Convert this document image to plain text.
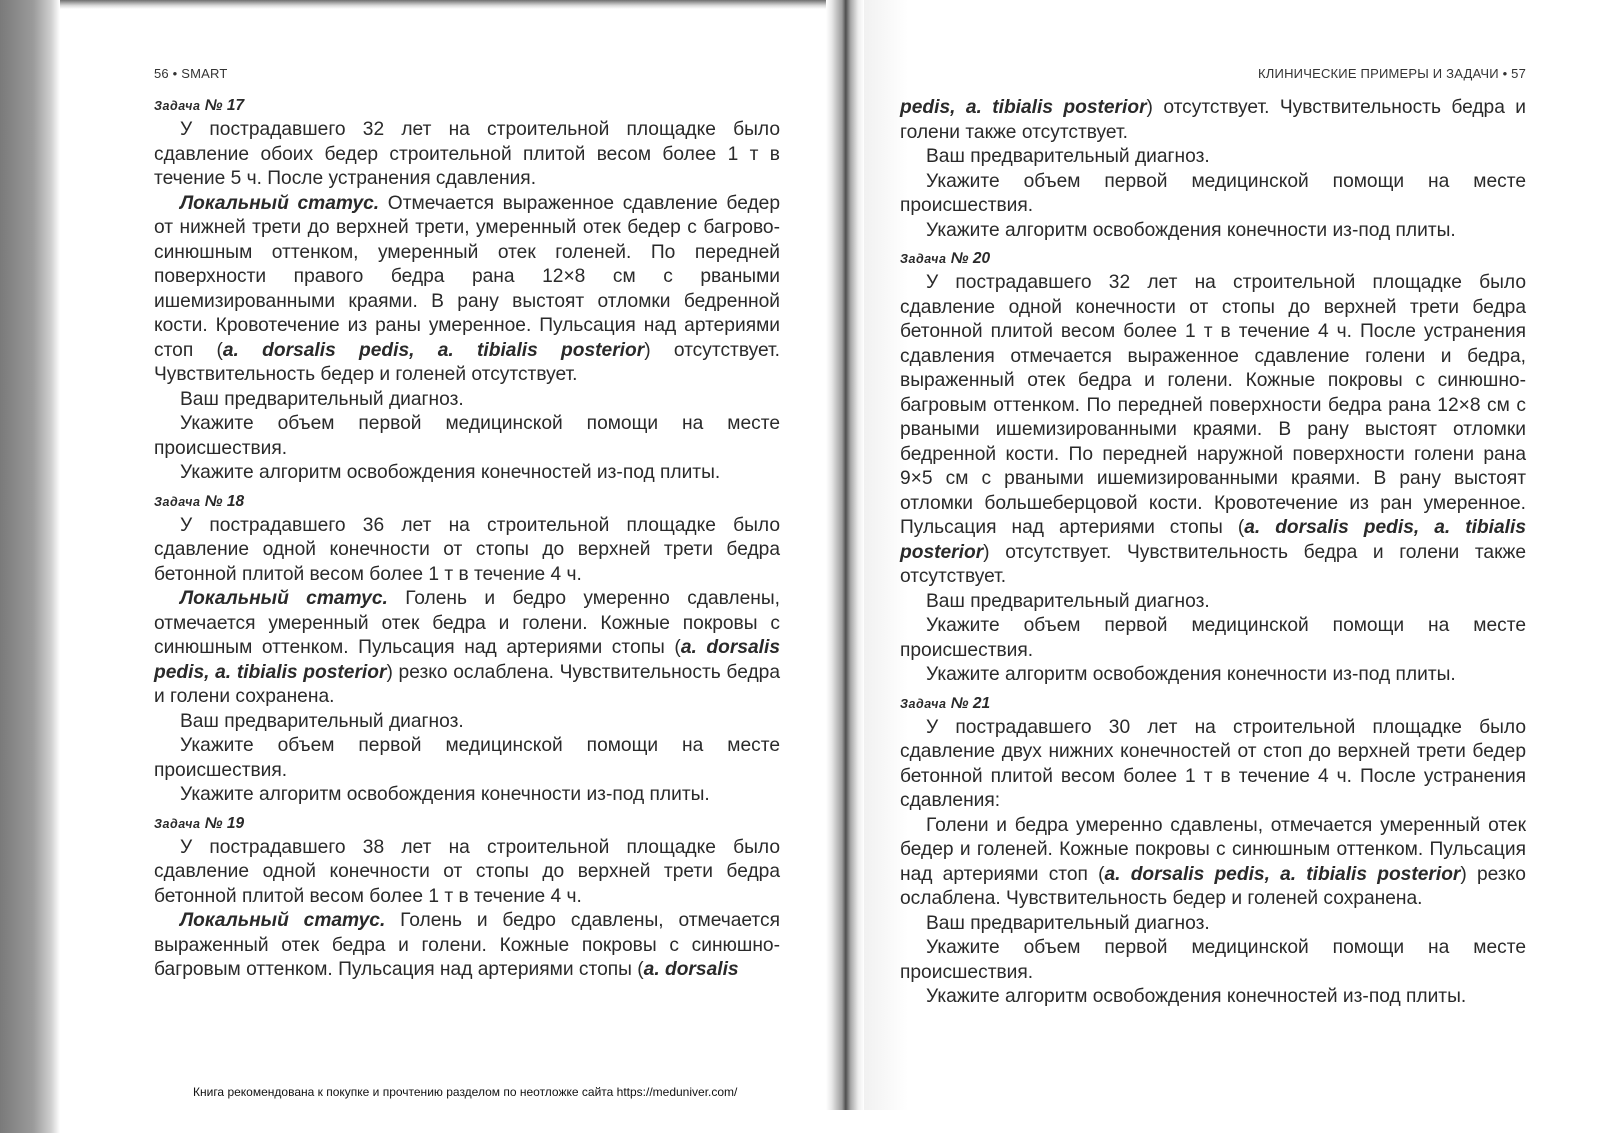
56 • SMART
Задача № 17

У пострадавшего 32 лет на строительной площадке было сдавление обоих бедер строительной плитой весом более 1 т в течение 5 ч. После устранения сдавления.

Локальный статус. Отмечается выраженное сдавление бедер от нижней трети до верхней трети, умеренный отек бедер с багрово-синюшным оттенком, умеренный отек голеней. По передней поверхности правого бедра рана 12×8 см с рваными ишемизированными краями. В рану выстоят отломки бедренной кости. Кровотечение из раны умеренное. Пульсация над артериями стоп (a. dorsalis pedis, a. tibialis posterior) отсутствует. Чувствительность бедер и голеней отсутствует.

Ваш предварительный диагноз.

Укажите объем первой медицинской помощи на месте происшествия.

Укажите алгоритм освобождения конечностей из-под плиты.

Задача № 18

У пострадавшего 36 лет на строительной площадке было сдавление одной конечности от стопы до верхней трети бедра бетонной плитой весом более 1 т в течение 4 ч.

Локальный статус. Голень и бедро умеренно сдавлены, отмечается умеренный отек бедра и голени. Кожные покровы с синюшным оттенком. Пульсация над артериями стопы (a. dorsalis pedis, a. tibialis posterior) резко ослаблена. Чувствительность бедра и голени сохранена.

Ваш предварительный диагноз.

Укажите объем первой медицинской помощи на месте происшествия.

Укажите алгоритм освобождения конечности из-под плиты.

Задача № 19

У пострадавшего 38 лет на строительной площадке было сдавление одной конечности от стопы до верхней трети бедра бетонной плитой весом более 1 т в течение 4 ч.

Локальный статус. Голень и бедро сдавлены, отмечается выраженный отек бедра и голени. Кожные покровы с синюшно-багровым оттенком. Пульсация над артериями стопы (a. dorsalis

КЛИНИЧЕСКИЕ ПРИМЕРЫ И ЗАДАЧИ • 57

pedis, a. tibialis posterior) отсутствует. Чувствительность бедра и голени также отсутствует.

Ваш предварительный диагноз.

Укажите объем первой медицинской помощи на месте происшествия.

Укажите алгоритм освобождения конечности из-под плиты.

Задача № 20

У пострадавшего 32 лет на строительной площадке было сдавление одной конечности от стопы до верхней трети бедра бетонной плитой весом более 1 т в течение 4 ч. После устранения сдавления отмечается выраженное сдавление голени и бедра, выраженный отек бедра и голени. Кожные покровы с синюшно-багровым оттенком. По передней поверхности бедра рана 12×8 см с рваными ишемизированными краями. В рану выстоят отломки бедренной кости. По передней наружной поверхности голени рана 9×5 см с рваными ишемизированными краями. В рану выстоят отломки большеберцовой кости. Кровотечение из ран умеренное. Пульсация над артериями стопы (a. dorsalis pedis, a. tibialis posterior) отсутствует. Чувствительность бедра и голени также отсутствует.

Ваш предварительный диагноз.

Укажите объем первой медицинской помощи на месте происшествия.

Укажите алгоритм освобождения конечности из-под плиты.

Задача № 21

У пострадавшего 30 лет на строительной площадке было сдавление двух нижних конечностей от стоп до верхней трети бедер бетонной плитой весом более 1 т в течение 4 ч. После устранения сдавления:

Голени и бедра умеренно сдавлены, отмечается умеренный отек бедер и голеней. Кожные покровы с синюшным оттенком. Пульсация над артериями стоп (a. dorsalis pedis, a. tibialis posterior) резко ослаблена. Чувствительность бедер и голеней сохранена.

Ваш предварительный диагноз.

Укажите объем первой медицинской помощи на месте происшествия.

Укажите алгоритм освобождения конечностей из-под плиты.

Книга рекомендована к покупке и прочтению разделом по неотложке сайта https://meduniver.com/
